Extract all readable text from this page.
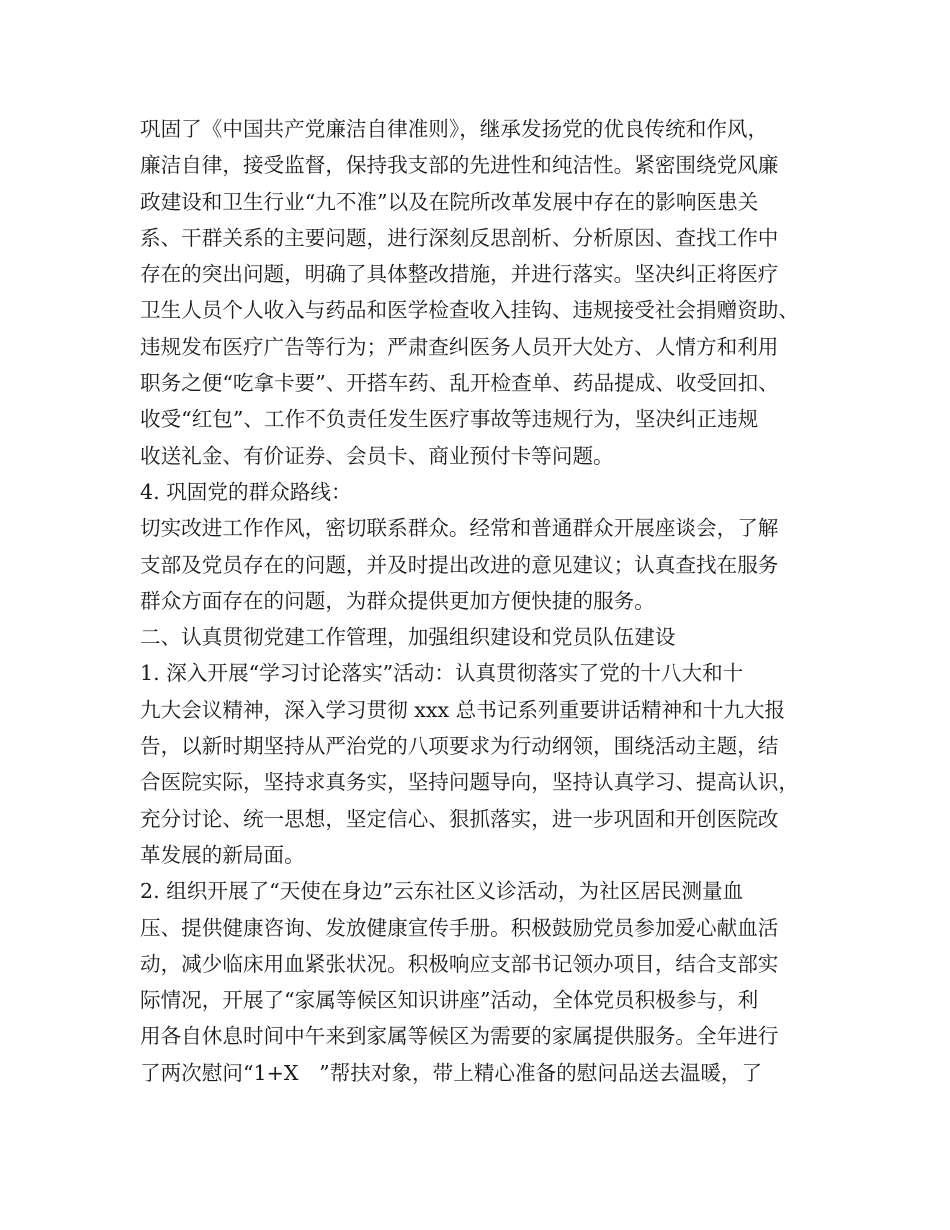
巩固了《中国共产党廉洁自律准则》，继承发扬党的优良传统和作风，
廉洁自律，接受监督，保持我支部的先进性和纯洁性。紧密围绕党风廉
政建设和卫生行业“九不准”以及在院所改革发展中存在的影响医患关
系、干群关系的主要问题，进行深刻反思剖析、分析原因、查找工作中
存在的突出问题，明确了具体整改措施，并进行落实。坚决纠正将医疗
卫生人员个人收入与药品和医学检查收入挂钩、违规接受社会捐赠资助、
违规发布医疗广告等行为；严肃查纠医务人员开大处方、人情方和利用
职务之便“吃拿卡要”、开搭车药、乱开检查单、药品提成、收受回扣、
收受“红包”、工作不负责任发生医疗事故等违规行为，坚决纠正违规
收送礼金、有价证券、会员卡、商业预付卡等问题。
4. 巩固党的群众路线：
切实改进工作作风，密切联系群众。经常和普通群众开展座谈会，了解
支部及党员存在的问题，并及时提出改进的意见建议；认真查找在服务
群众方面存在的问题，为群众提供更加方便快捷的服务。
二、认真贯彻党建工作管理，加强组织建设和党员队伍建设
1. 深入开展“学习讨论落实”活动：认真贯彻落实了党的十八大和十
九大会议精神，深入学习贯彻 xxx 总书记系列重要讲话精神和十九大报
告，以新时期坚持从严治党的八项要求为行动纲领，围绕活动主题，结
合医院实际，坚持求真务实，坚持问题导向，坚持认真学习、提高认识，
充分讨论、统一思想，坚定信心、狠抓落实，进一步巩固和开创医院改
革发展的新局面。
2. 组织开展了“天使在身边”云东社区义诊活动，为社区居民测量血
压、提供健康咨询、发放健康宣传手册。积极鼓励党员参加爱心献血活
动，减少临床用血紧张状况。积极响应支部书记领办项目，结合支部实
际情况，开展了“家属等候区知识讲座”活动，全体党员积极参与，利
用各自休息时间中午来到家属等候区为需要的家属提供服务。全年进行
了两次慰问“1+X　”帮扶对象，带上精心准备的慰问品送去温暖，了
